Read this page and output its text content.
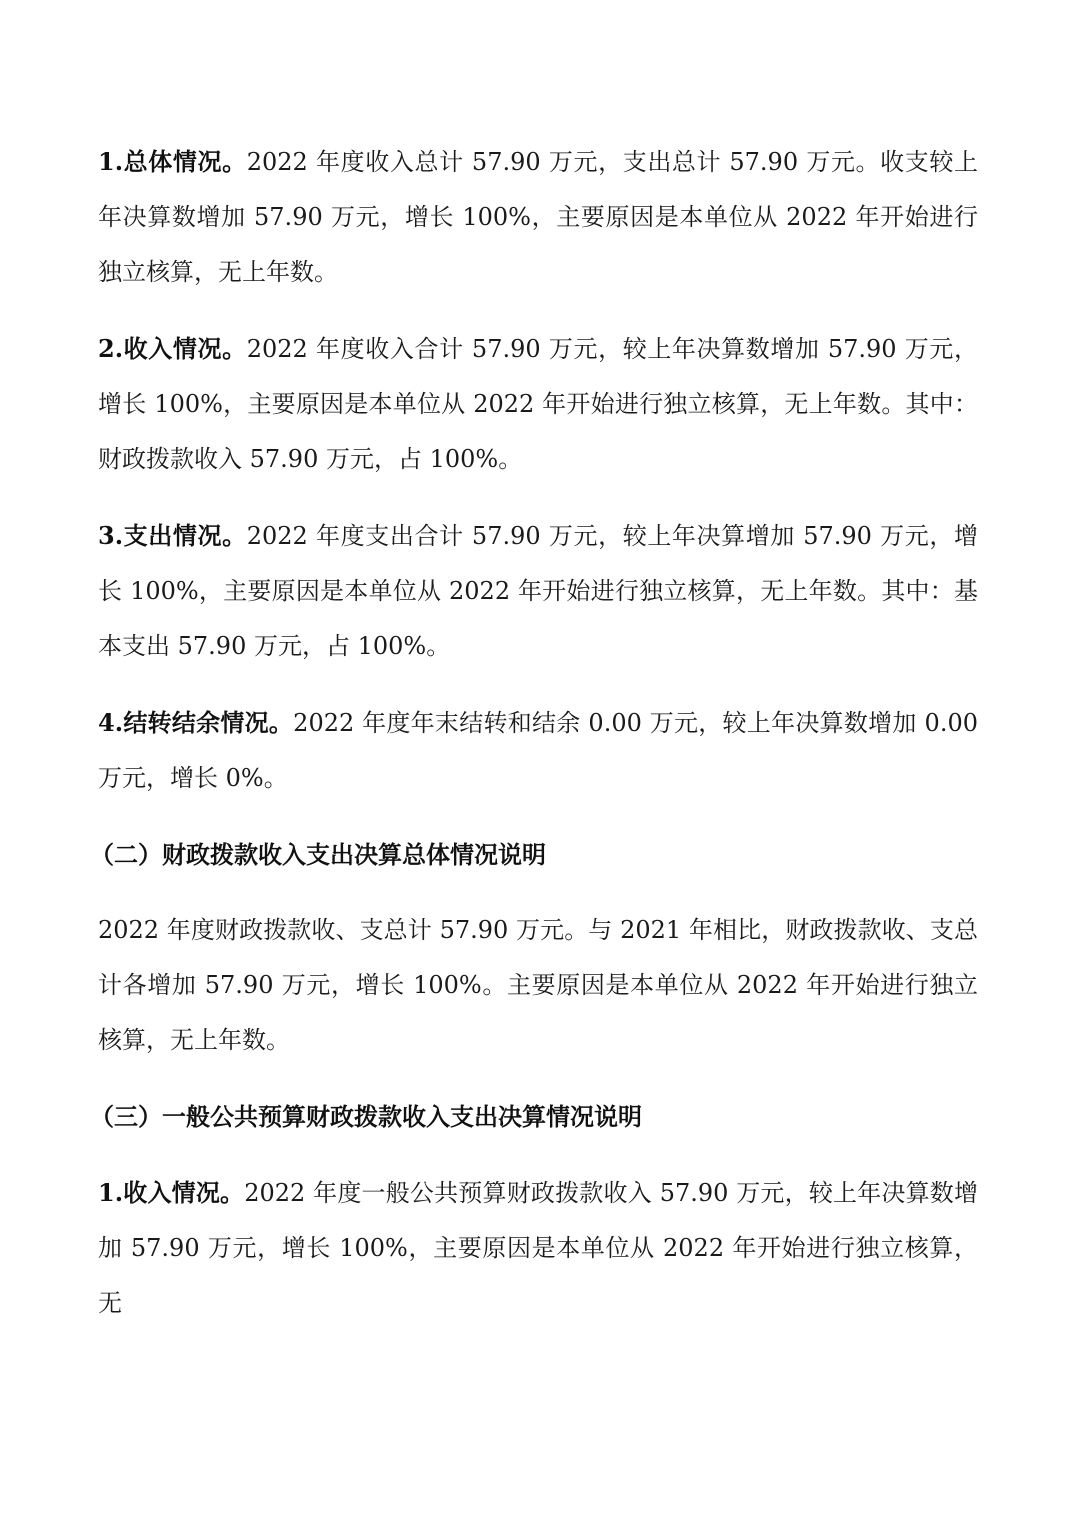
1.总体情况。2022 年度收入总计 57.90 万元，支出总计 57.90 万元。收支较上年决算数增加 57.90 万元，增长 100%，主要原因是本单位从 2022 年开始进行独立核算，无上年数。

2.收入情况。2022 年度收入合计 57.90 万元，较上年决算数增加 57.90 万元，增长 100%，主要原因是本单位从 2022 年开始进行独立核算，无上年数。其中：财政拨款收入 57.90 万元，占 100%。

3.支出情况。2022 年度支出合计 57.90 万元，较上年决算增加 57.90 万元，增长 100%，主要原因是本单位从 2022 年开始进行独立核算，无上年数。其中：基本支出 57.90 万元，占 100%。

4.结转结余情况。2022 年度年末结转和结余 0.00 万元，较上年决算数增加 0.00 万元，增长 0%。

（二）财政拨款收入支出决算总体情况说明

2022 年度财政拨款收、支总计 57.90 万元。与 2021 年相比，财政拨款收、支总计各增加 57.90 万元，增长 100%。主要原因是本单位从 2022 年开始进行独立核算，无上年数。

（三）一般公共预算财政拨款收入支出决算情况说明

1.收入情况。2022 年度一般公共预算财政拨款收入 57.90 万元，较上年决算数增加 57.90 万元，增长 100%，主要原因是本单位从 2022 年开始进行独立核算，无
